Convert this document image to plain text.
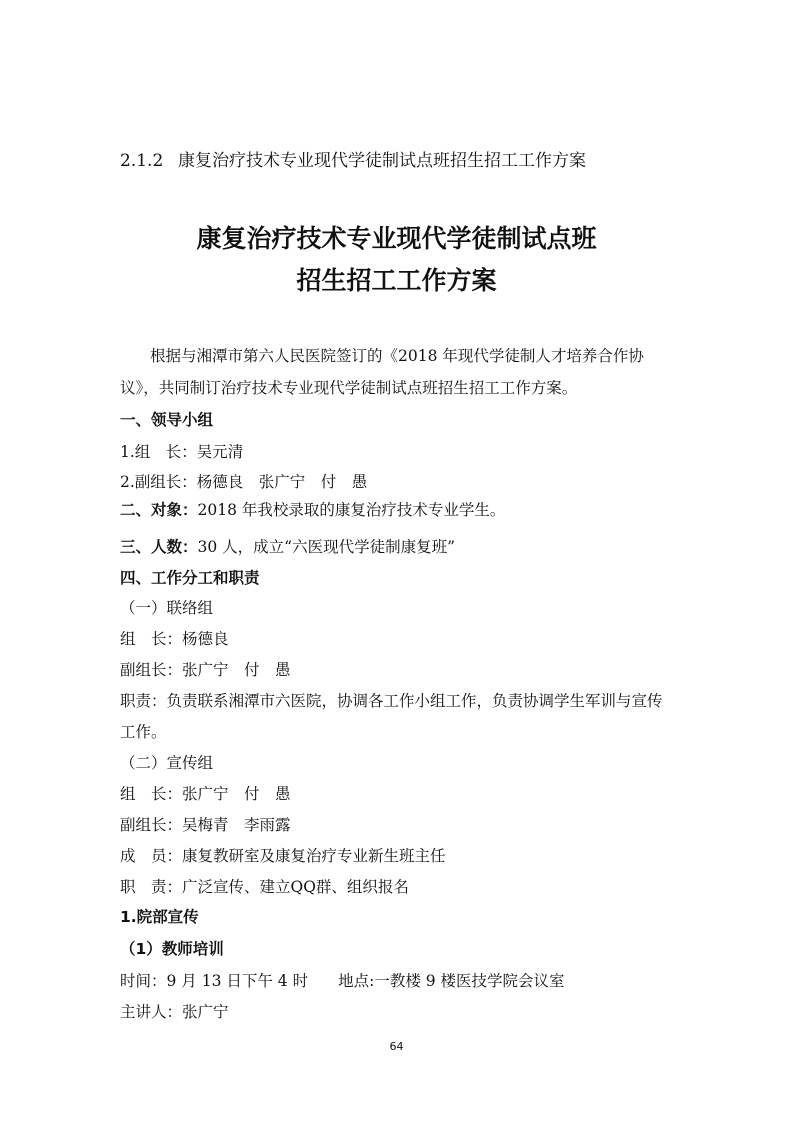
2.1.2 康复治疗技术专业现代学徒制试点班招生招工工作方案
康复治疗技术专业现代学徒制试点班
招生招工工作方案
根据与湘潭市第六人民医院签订的《2018 年现代学徒制人才培养合作协
议》，共同制订治疗技术专业现代学徒制试点班招生招工工作方案。
一、领导小组
1.组　长：吴元清
2.副组长：杨德良　张广宁　付　愚
二、对象：2018 年我校录取的康复治疗技术专业学生。
三、人数：30 人，成立“六医现代学徒制康复班”
四、工作分工和职责
（一）联络组
组　长：杨德良
副组长：张广宁　付　愚
职责：负责联系湘潭市六医院，协调各工作小组工作，负责协调学生军训与宣传
工作。
（二）宣传组
组　长：张广宁　付　愚
副组长：吴梅青　李雨露
成　员：康复教研室及康复治疗专业新生班主任
职　责：广泛宣传、建立QQ群、组织报名
1.院部宣传
（1）教师培训
时间：9 月 13 日下午 4 时 地点:一教楼 9 楼医技学院会议室
主讲人：张广宁
64
